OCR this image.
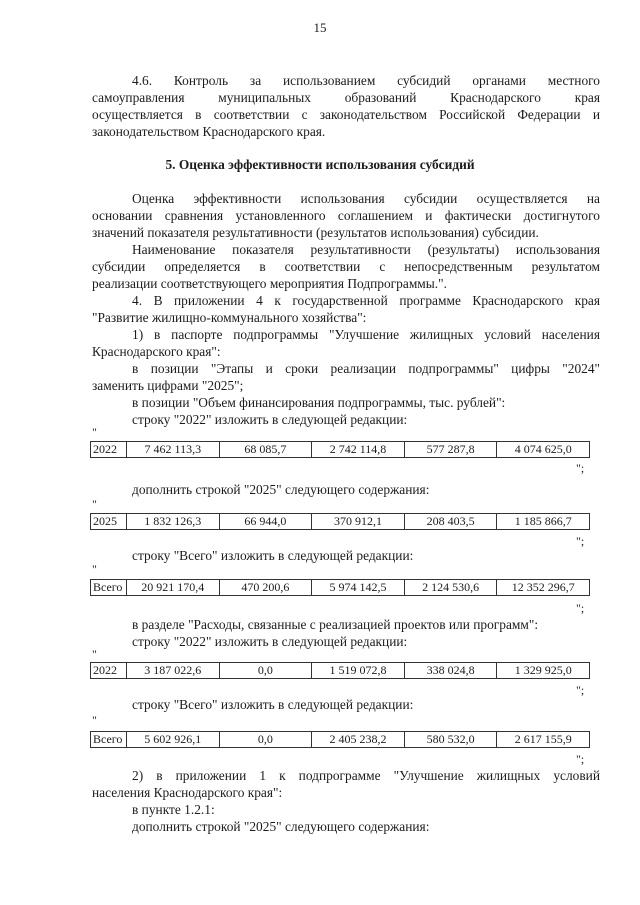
15
4.6. Контроль за использованием субсидий органами местного
самоуправления муниципальных образований Краснодарского края
осуществляется в соответствии с законодательством Российской Федерации и
законодательством Краснодарского края.
5. Оценка эффективности использования субсидий
Оценка эффективности использования субсидии осуществляется на
основании сравнения установленного соглашением и фактически достигнутого
значений показателя результативности (результатов использования) субсидии.
Наименование показателя результативности (результаты) использования
субсидии определяется в соответствии с непосредственным результатом
реализации соответствующего мероприятия Подпрограммы.".
4. В приложении 4 к государственной программе Краснодарского края
"Развитие жилищно-коммунального хозяйства":
1) в паспорте подпрограммы "Улучшение жилищных условий населения
Краснодарского края":
в позиции "Этапы и сроки реализации подпрограммы" цифры "2024"
заменить цифрами "2025";
в позиции "Объем финансирования подпрограммы, тыс. рублей":
строку "2022" изложить в следующей редакции:
"
2022	7 462 113,3	68 085,7	2 742 114,8	577 287,8	4 074 625,0
";
дополнить строкой "2025" следующего содержания:
"
2025	1 832 126,3	66 944,0	370 912,1	208 403,5	1 185 866,7
";
строку "Всего" изложить в следующей редакции:
"
Всего	20 921 170,4	470 200,6	5 974 142,5	2 124 530,6	12 352 296,7
";
в разделе "Расходы, связанные с реализацией проектов или программ":
строку "2022" изложить в следующей редакции:
"
2022	3 187 022,6	0,0	1 519 072,8	338 024,8	1 329 925,0
";
строку "Всего" изложить в следующей редакции:
"
Всего	5 602 926,1	0,0	2 405 238,2	580 532,0	2 617 155,9
";
2) в приложении 1 к подпрограмме "Улучшение жилищных условий
населения Краснодарского края":
в пункте 1.2.1:
дополнить строкой "2025" следующего содержания:
